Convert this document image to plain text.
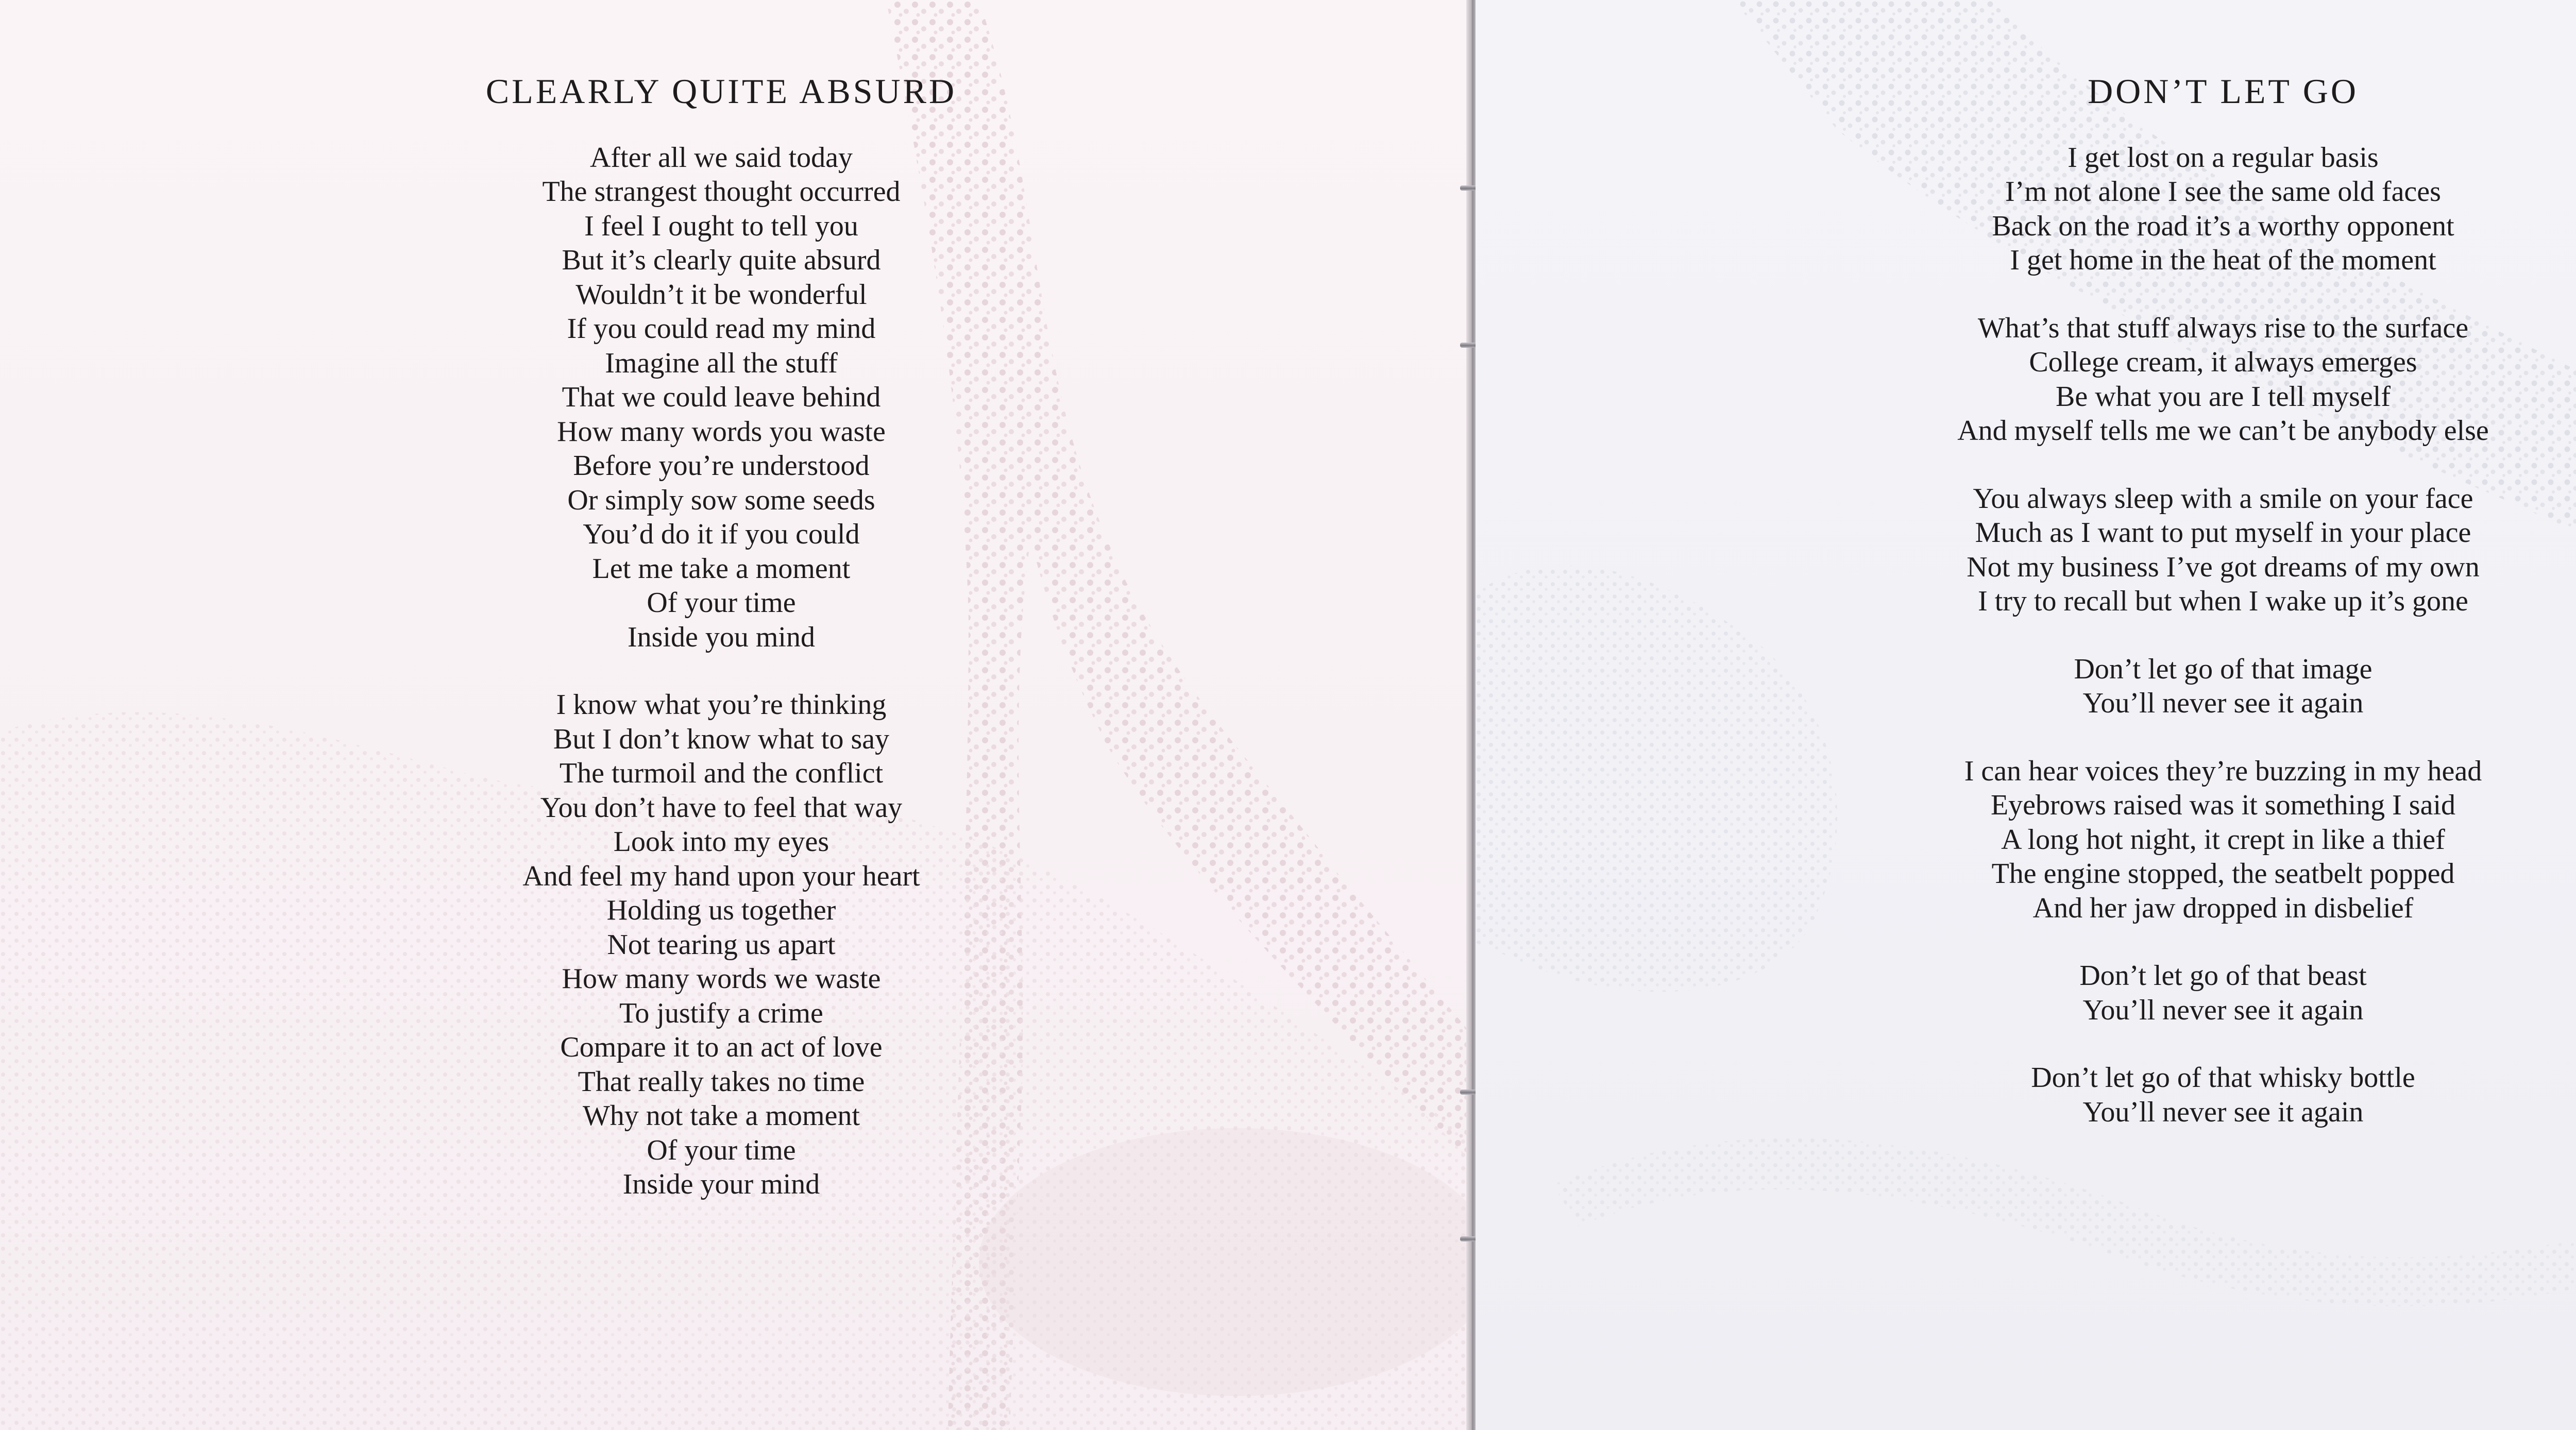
CLEARLY QUITE ABSURD
After all we said today
The strangest thought occurred
I feel I ought to tell you
But it’s clearly quite absurd
Wouldn’t it be wonderful
If you could read my mind
Imagine all the stuff
That we could leave behind
How many words you waste
Before you’re understood
Or simply sow some seeds
You’d do it if you could
Let me take a moment
Of your time
Inside you mind
I know what you’re thinking
But I don’t know what to say
The turmoil and the conflict
You don’t have to feel that way
Look into my eyes
And feel my hand upon your heart
Holding us together
Not tearing us apart
How many words we waste
To justify a crime
Compare it to an act of love
That really takes no time
Why not take a moment
Of your time
Inside your mind
DON’T LET GO
I get lost on a regular basis
I’m not alone I see the same old faces
Back on the road it’s a worthy opponent
I get home in the heat of the moment
What’s that stuff always rise to the surface
College cream, it always emerges
Be what you are I tell myself
And myself tells me we can’t be anybody else
You always sleep with a smile on your face
Much as I want to put myself in your place
Not my business I’ve got dreams of my own
I try to recall but when I wake up it’s gone
Don’t let go of that image
You’ll never see it again
I can hear voices they’re buzzing in my head
Eyebrows raised was it something I said
A long hot night, it crept in like a thief
The engine stopped, the seatbelt popped
And her jaw dropped in disbelief
Don’t let go of that beast
You’ll never see it again
Don’t let go of that whisky bottle
You’ll never see it again
